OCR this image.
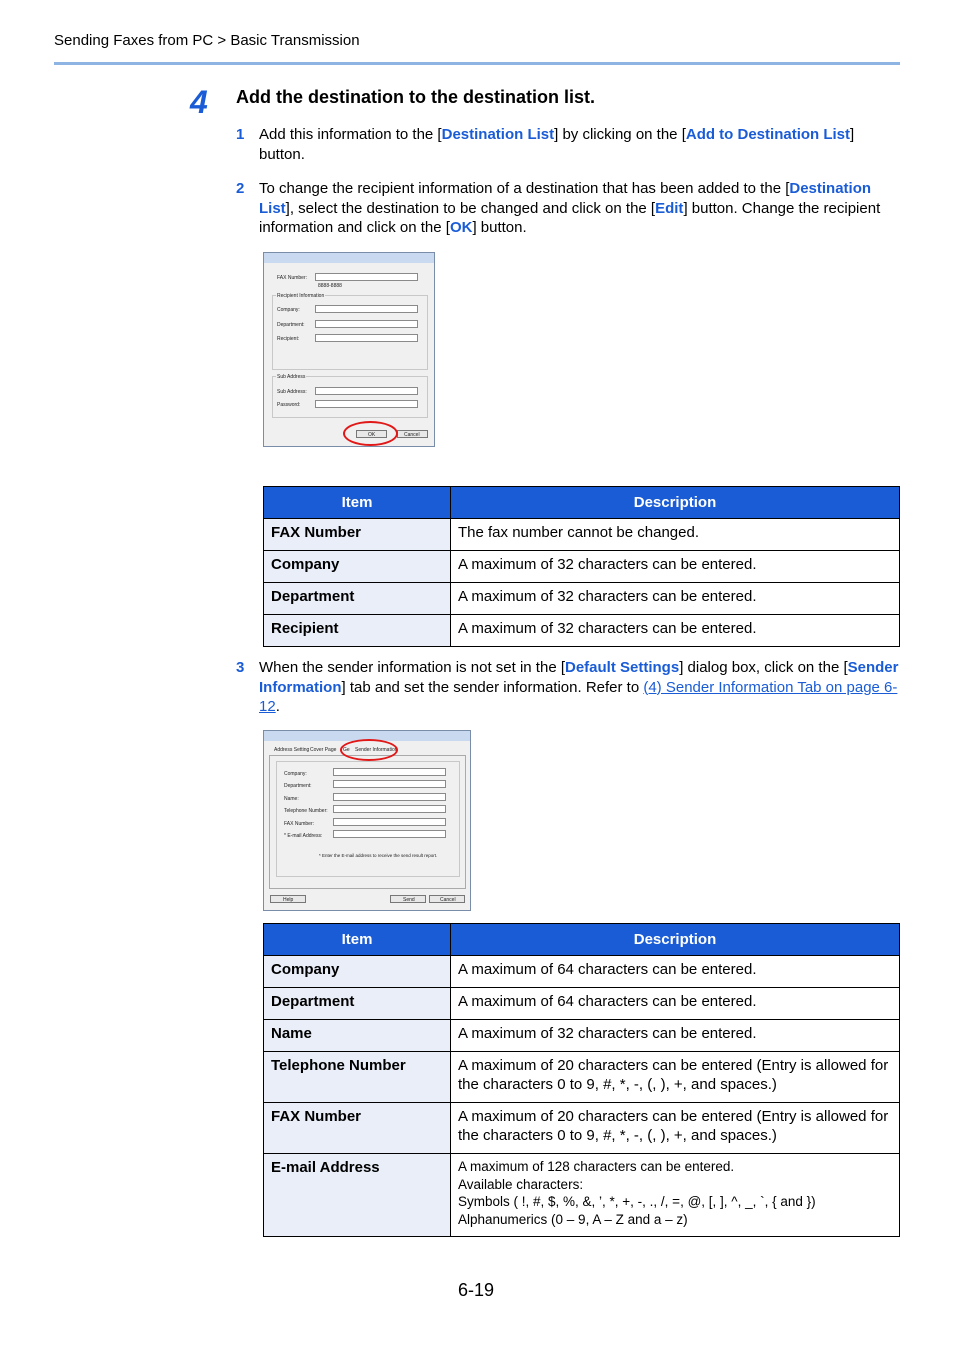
Sending Faxes from PC > Basic Transmission
4 Add the destination to the destination list.
1 Add this information to the [Destination List] by clicking on the [Add to Destination List] button.
2 To change the recipient information of a destination that has been added to the [Destination List], select the destination to be changed and click on the [Edit] button. Change the recipient information and click on the [OK] button.
FAX Number:
8888-8888
Recipient Information
Company:
Department:
Recipient:
Sub Address
Sub Address:
Password:
OK	Cancel
Item	Description
FAX Number	The fax number cannot be changed.
Company	A maximum of 32 characters can be entered.
Department	A maximum of 32 characters can be entered.
Recipient	A maximum of 32 characters can be entered.
3 When the sender information is not set in the [Default Settings] dialog box, click on the [Sender Information] tab and set the sender information. Refer to (4) Sender Information Tab on page 6-12.
Address Setting Cover Page Ge Sender Information
Company:
Department:
Name:
Telephone Number:
FAX Number:
* E-mail Address:
* Enter the E-mail address to receive the send result report.
Help	Send	Cancel
Item	Description
Company	A maximum of 64 characters can be entered.
Department	A maximum of 64 characters can be entered.
Name	A maximum of 32 characters can be entered.
Telephone Number	A maximum of 20 characters can be entered (Entry is allowed for the characters 0 to 9, #, *, -, (, ), +, and spaces.)
FAX Number	A maximum of 20 characters can be entered (Entry is allowed for the characters 0 to 9, #, *, -, (, ), +, and spaces.)
E-mail Address	A maximum of 128 characters can be entered.
Available characters:
Symbols ( !, #, $, %, &, ’, *, +, -, ., /, =, @, [, ], ^, _, `, { and })
Alphanumerics (0 – 9, A – Z and a – z)
6-19
